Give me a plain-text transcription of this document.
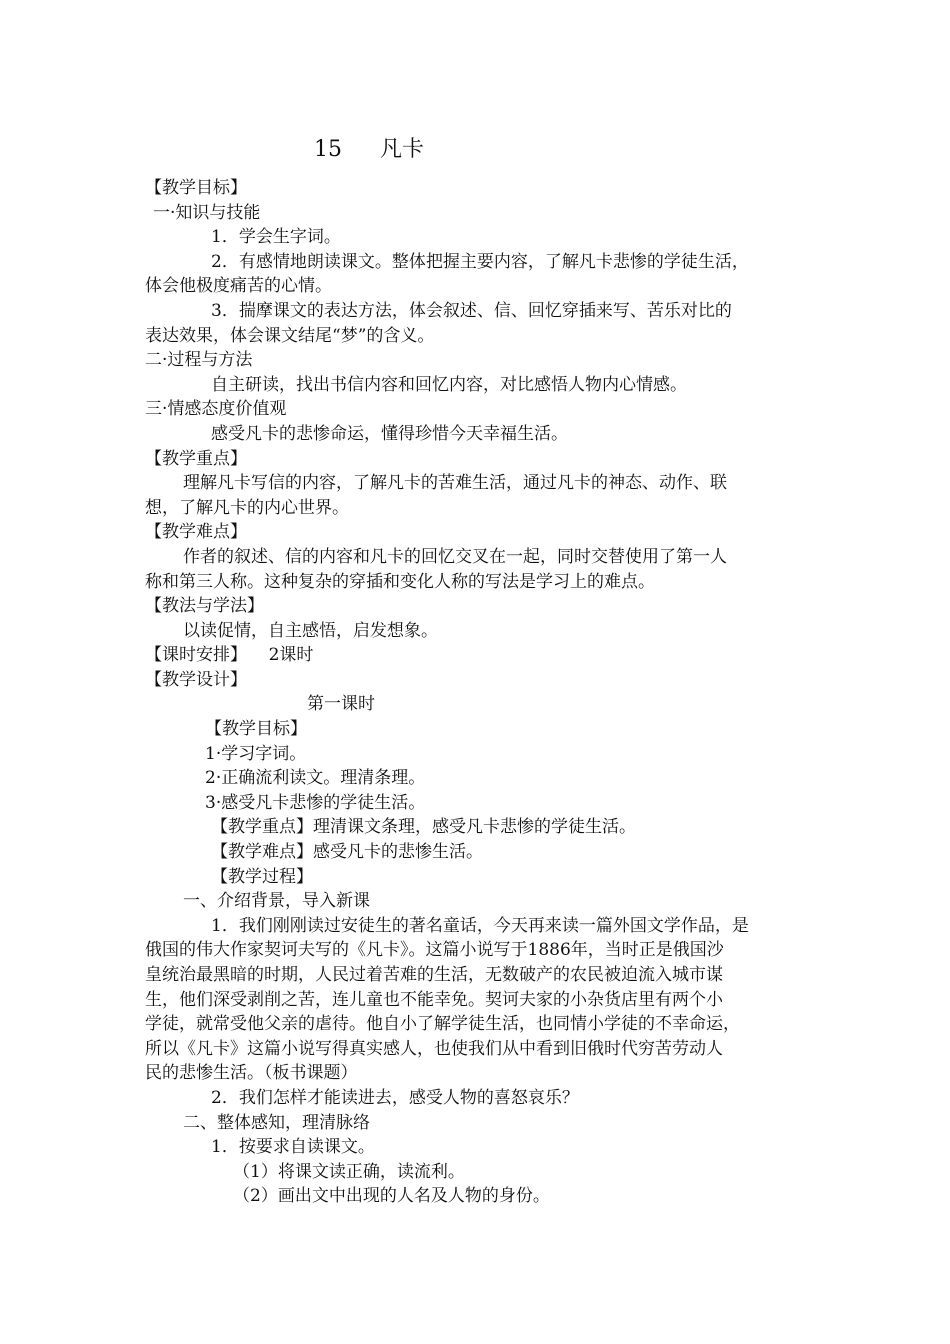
15 凡卡
【教学目标】
一·知识与技能
1．学会生字词。
2．有感情地朗读课文。整体把握主要内容，了解凡卡悲惨的学徒生活，
体会他极度痛苦的心情。
3．揣摩课文的表达方法，体会叙述、信、回忆穿插来写、苦乐对比的
表达效果，体会课文结尾“梦”的含义。
二·过程与方法
自主研读，找出书信内容和回忆内容，对比感悟人物内心情感。
三·情感态度价值观
感受凡卡的悲惨命运，懂得珍惜今天幸福生活。
【教学重点】
理解凡卡写信的内容，了解凡卡的苦难生活，通过凡卡的神态、动作、联
想，了解凡卡的内心世界。
【教学难点】
作者的叙述、信的内容和凡卡的回忆交叉在一起，同时交替使用了第一人
称和第三人称。这种复杂的穿插和变化人称的写法是学习上的难点。
【教法与学法】
以读促情，自主感悟，启发想象。
【课时安排】    2课时
【教学设计】
第一课时
【教学目标】
1·学习字词。
2·正确流利读文。理清条理。
3·感受凡卡悲惨的学徒生活。
【教学重点】理清课文条理，感受凡卡悲惨的学徒生活。
【教学难点】感受凡卡的悲惨生活。
【教学过程】
一、介绍背景，导入新课
1．我们刚刚读过安徒生的著名童话，今天再来读一篇外国文学作品，是
俄国的伟大作家契诃夫写的《凡卡》。这篇小说写于1886年，当时正是俄国沙
皇统治最黑暗的时期，人民过着苦难的生活，无数破产的农民被迫流入城市谋
生，他们深受剥削之苦，连儿童也不能幸免。契诃夫家的小杂货店里有两个小
学徒，就常受他父亲的虐待。他自小了解学徒生活，也同情小学徒的不幸命运，
所以《凡卡》这篇小说写得真实感人，也使我们从中看到旧俄时代穷苦劳动人
民的悲惨生活。（板书课题）
2．我们怎样才能读进去，感受人物的喜怒哀乐？
二、整体感知，理清脉络
1．按要求自读课文。
（1）将课文读正确，读流利。
（2）画出文中出现的人名及人物的身份。
